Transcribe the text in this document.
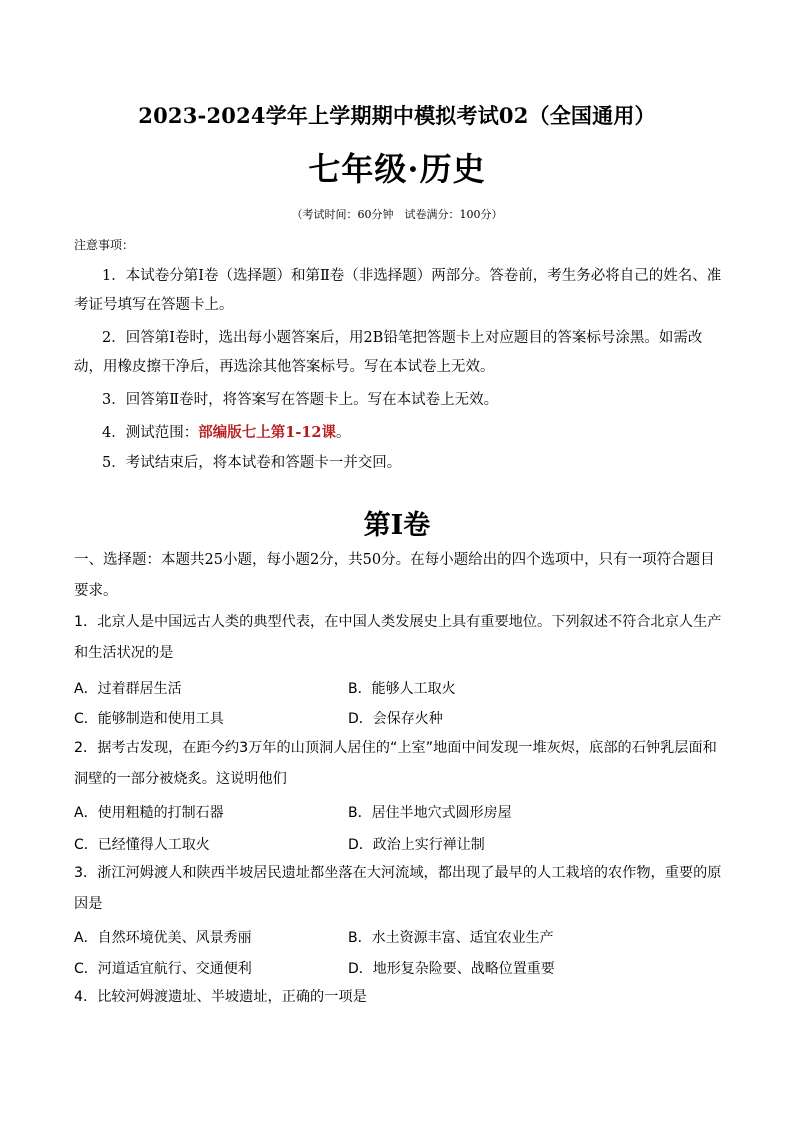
2023-2024学年上学期期中模拟考试02（全国通用）
七年级·历史
（考试时间：60分钟　试卷满分：100分）
注意事项：
1．本试卷分第Ⅰ卷（选择题）和第Ⅱ卷（非选择题）两部分。答卷前，考生务必将自己的姓名、准考证号填写在答题卡上。
2．回答第Ⅰ卷时，选出每小题答案后，用2B铅笔把答题卡上对应题目的答案标号涂黑。如需改动，用橡皮擦干净后，再选涂其他答案标号。写在本试卷上无效。
3．回答第Ⅱ卷时，将答案写在答题卡上。写在本试卷上无效。
4．测试范围：部编版七上第1-12课。
5．考试结束后，将本试卷和答题卡一并交回。
第Ⅰ卷
一、选择题：本题共25小题，每小题2分，共50分。在每小题给出的四个选项中，只有一项符合题目要求。
1．北京人是中国远古人类的典型代表，在中国人类发展史上具有重要地位。下列叙述不符合北京人生产和生活状况的是
A．过着群居生活	B．能够人工取火
C．能够制造和使用工具	D．会保存火种
2．据考古发现，在距今约3万年的山顶洞人居住的“上室”地面中间发现一堆灰烬，底部的石钟乳层面和洞壁的一部分被烧炙。这说明他们
A．使用粗糙的打制石器	B．居住半地穴式圆形房屋
C．已经懂得人工取火	D．政治上实行禅让制
3．浙江河姆渡人和陕西半坡居民遗址都坐落在大河流域，都出现了最早的人工栽培的农作物，重要的原因是
A．自然环境优美、风景秀丽	B．水土资源丰富、适宜农业生产
C．河道适宜航行、交通便利	D．地形复杂险要、战略位置重要
4．比较河姆渡遗址、半坡遗址，正确的一项是
